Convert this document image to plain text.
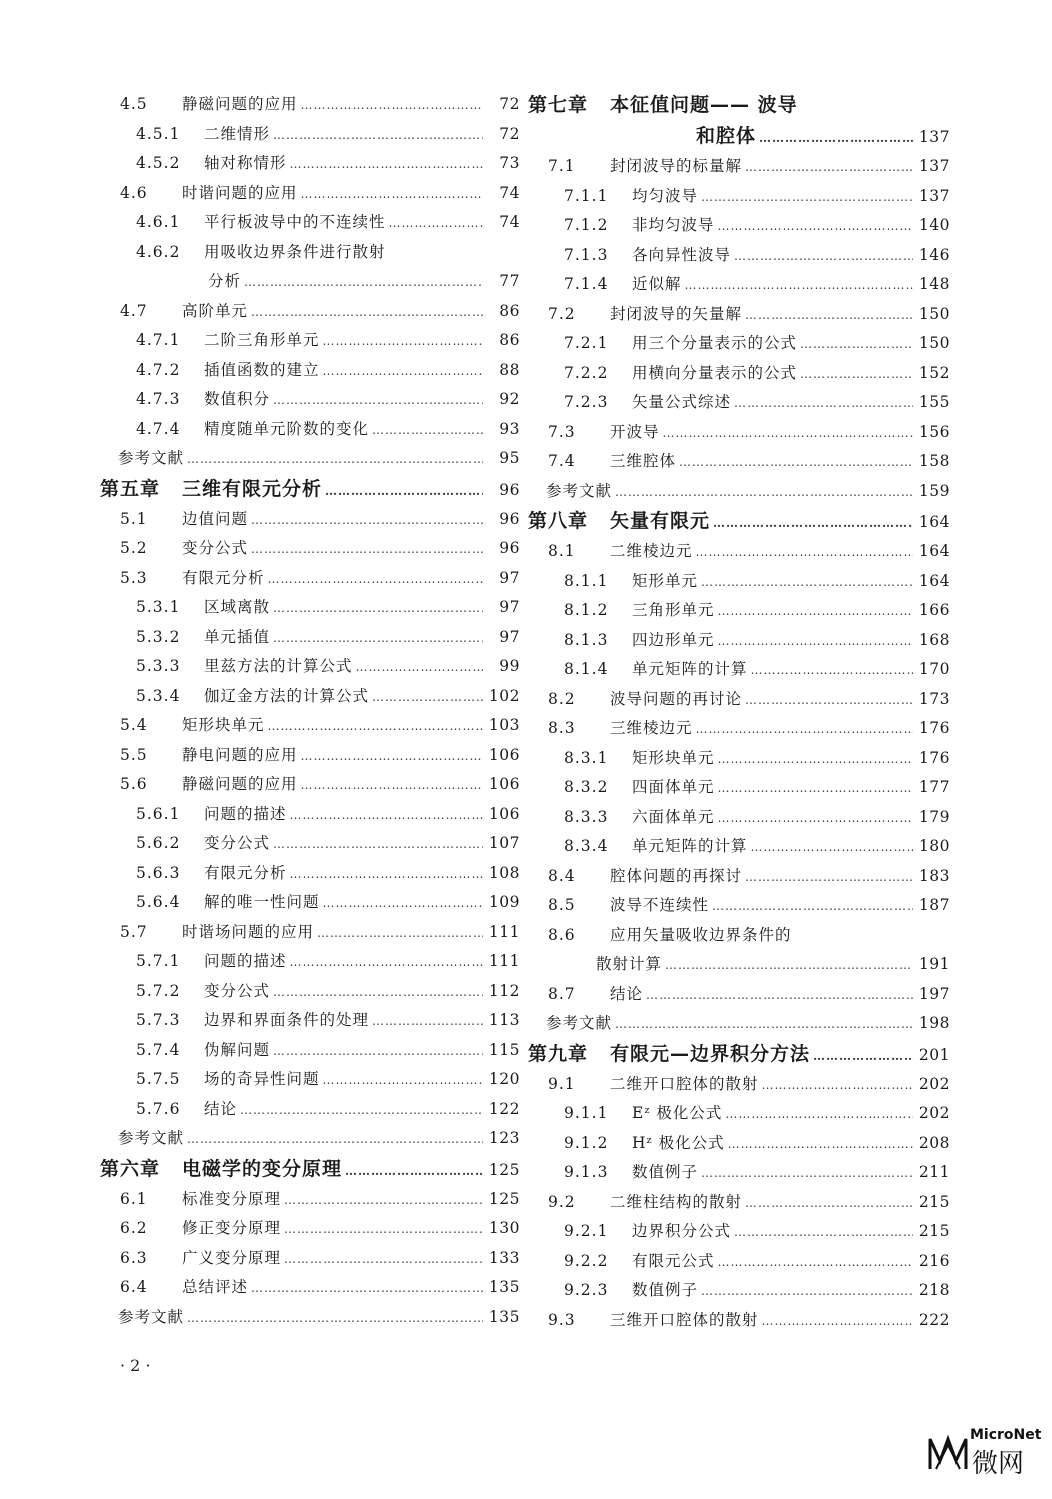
4.5	静磁问题的应用 …………………………………………………………………………………………	72
4.5.1	二维情形 …………………………………………………………………………………………	72
4.5.2	轴对称情形 …………………………………………………………………………………………	73
4.6	时谐问题的应用 …………………………………………………………………………………………	74
4.6.1	平行板波导中的不连续性 …………………………………………………………………………………………	74
4.6.2	用吸收边界条件进行散射
分析 …………………………………………………………………………………………	77
4.7	高阶单元 …………………………………………………………………………………………	86
4.7.1	二阶三角形单元 …………………………………………………………………………………………	86
4.7.2	插值函数的建立 …………………………………………………………………………………………	88
4.7.3	数值积分 …………………………………………………………………………………………	92
4.7.4	精度随单元阶数的变化 …………………………………………………………………………………………	93
参考文献 …………………………………………………………………………………………	95
第五章	三维有限元分析 …………………………………………………………………………………………	96
5.1	边值问题 …………………………………………………………………………………………	96
5.2	变分公式 …………………………………………………………………………………………	96
5.3	有限元分析 …………………………………………………………………………………………	97
5.3.1	区域离散 …………………………………………………………………………………………	97
5.3.2	单元插值 …………………………………………………………………………………………	97
5.3.3	里兹方法的计算公式 …………………………………………………………………………………………	99
5.3.4	伽辽金方法的计算公式 …………………………………………………………………………………………	102
5.4	矩形块单元 …………………………………………………………………………………………	103
5.5	静电问题的应用 …………………………………………………………………………………………	106
5.6	静磁问题的应用 …………………………………………………………………………………………	106
5.6.1	问题的描述 …………………………………………………………………………………………	106
5.6.2	变分公式 …………………………………………………………………………………………	107
5.6.3	有限元分析 …………………………………………………………………………………………	108
5.6.4	解的唯一性问题 …………………………………………………………………………………………	109
5.7	时谐场问题的应用 …………………………………………………………………………………………	111
5.7.1	问题的描述 …………………………………………………………………………………………	111
5.7.2	变分公式 …………………………………………………………………………………………	112
5.7.3	边界和界面条件的处理 …………………………………………………………………………………………	113
5.7.4	伪解问题 …………………………………………………………………………………………	115
5.7.5	场的奇异性问题 …………………………………………………………………………………………	120
5.7.6	结论 …………………………………………………………………………………………	122
参考文献 …………………………………………………………………………………………	123
第六章	电磁学的变分原理 …………………………………………………………………………………………	125
6.1	标准变分原理 …………………………………………………………………………………………	125
6.2	修正变分原理 …………………………………………………………………………………………	130
6.3	广义变分原理 …………………………………………………………………………………………	133
6.4	总结评述 …………………………………………………………………………………………	135
参考文献 …………………………………………………………………………………………	135
第七章	本征值问题—— 波导
和腔体 …………………………………………………………………………………………	137
7.1	封闭波导的标量解 …………………………………………………………………………………………	137
7.1.1	均匀波导 …………………………………………………………………………………………	137
7.1.2	非均匀波导 …………………………………………………………………………………………	140
7.1.3	各向异性波导 …………………………………………………………………………………………	146
7.1.4	近似解 …………………………………………………………………………………………	148
7.2	封闭波导的矢量解 …………………………………………………………………………………………	150
7.2.1	用三个分量表示的公式 …………………………………………………………………………………………	150
7.2.2	用横向分量表示的公式 …………………………………………………………………………………………	152
7.2.3	矢量公式综述 …………………………………………………………………………………………	155
7.3	开波导 …………………………………………………………………………………………	156
7.4	三维腔体 …………………………………………………………………………………………	158
参考文献 …………………………………………………………………………………………	159
第八章	矢量有限元 …………………………………………………………………………………………	164
8.1	二维棱边元 …………………………………………………………………………………………	164
8.1.1	矩形单元 …………………………………………………………………………………………	164
8.1.2	三角形单元 …………………………………………………………………………………………	166
8.1.3	四边形单元 …………………………………………………………………………………………	168
8.1.4	单元矩阵的计算 …………………………………………………………………………………………	170
8.2	波导问题的再讨论 …………………………………………………………………………………………	173
8.3	三维棱边元 …………………………………………………………………………………………	176
8.3.1	矩形块单元 …………………………………………………………………………………………	176
8.3.2	四面体单元 …………………………………………………………………………………………	177
8.3.3	六面体单元 …………………………………………………………………………………………	179
8.3.4	单元矩阵的计算 …………………………………………………………………………………………	180
8.4	腔体问题的再探讨 …………………………………………………………………………………………	183
8.5	波导不连续性 …………………………………………………………………………………………	187
8.6	应用矢量吸收边界条件的
散射计算 …………………………………………………………………………………………	191
8.7	结论 …………………………………………………………………………………………	197
参考文献 …………………………………………………………………………………………	198
第九章	有限元—边界积分方法 …………………………………………………………………………………………	201
9.1	二维开口腔体的散射 …………………………………………………………………………………………	202
9.1.1	Eᶻ 极化公式 …………………………………………………………………………………………	202
9.1.2	Hᶻ 极化公式 …………………………………………………………………………………………	208
9.1.3	数值例子 …………………………………………………………………………………………	211
9.2	二维柱结构的散射 …………………………………………………………………………………………	215
9.2.1	边界积分公式 …………………………………………………………………………………………	215
9.2.2	有限元公式 …………………………………………………………………………………………	216
9.2.3	数值例子 …………………………………………………………………………………………	218
9.3	三维开口腔体的散射 …………………………………………………………………………………………	222
· 2 ·
MicroNet
微网
